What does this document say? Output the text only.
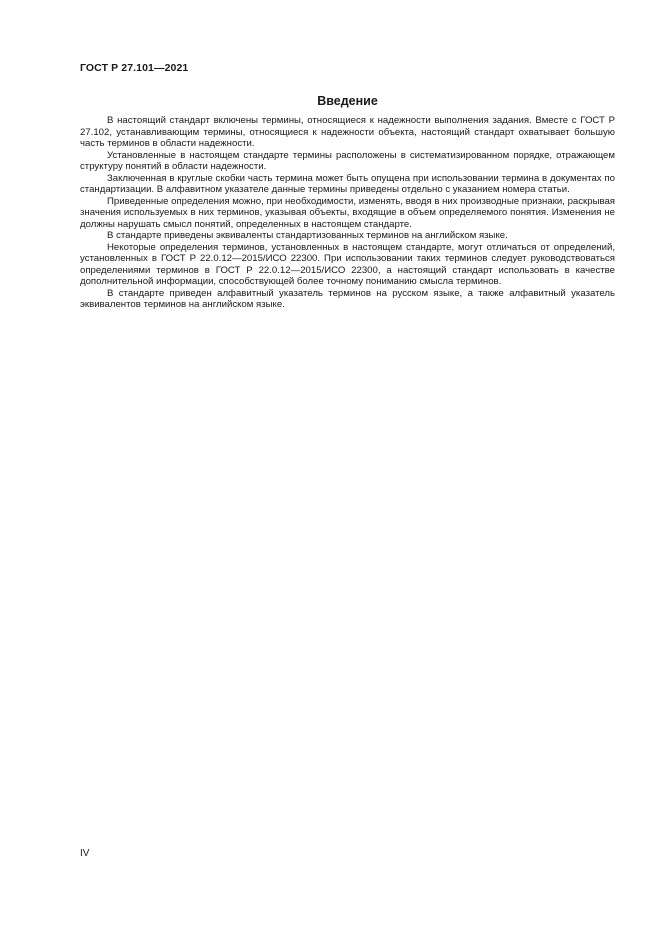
ГОСТ Р 27.101—2021
Введение

В настоящий стандарт включены термины, относящиеся к надежности выполнения задания. Вместе с ГОСТ Р 27.102, устанавливающим термины, относящиеся к надежности объекта, настоящий стандарт охватывает большую часть терминов в области надежности.

Установленные в настоящем стандарте термины расположены в систематизированном порядке, отражающем структуру понятий в области надежности.

Заключенная в круглые скобки часть термина может быть опущена при использовании термина в документах по стандартизации. В алфавитном указателе данные термины приведены отдельно с указанием номера статьи.

Приведенные определения можно, при необходимости, изменять, вводя в них производные признаки, раскрывая значения используемых в них терминов, указывая объекты, входящие в объем определяемого понятия. Изменения не должны нарушать смысл понятий, определенных в настоящем стандарте.

В стандарте приведены эквиваленты стандартизованных терминов на английском языке.

Некоторые определения терминов, установленных в настоящем стандарте, могут отличаться от определений, установленных в ГОСТ Р 22.0.12—2015/ИСО 22300. При использовании таких терминов следует руководствоваться определениями терминов в ГОСТ Р 22.0.12—2015/ИСО 22300, а настоящий стандарт использовать в качестве дополнительной информации, способствующей более точному пониманию смысла терминов.

В стандарте приведен алфавитный указатель терминов на русском языке, а также алфавитный указатель эквивалентов терминов на английском языке.

IV
